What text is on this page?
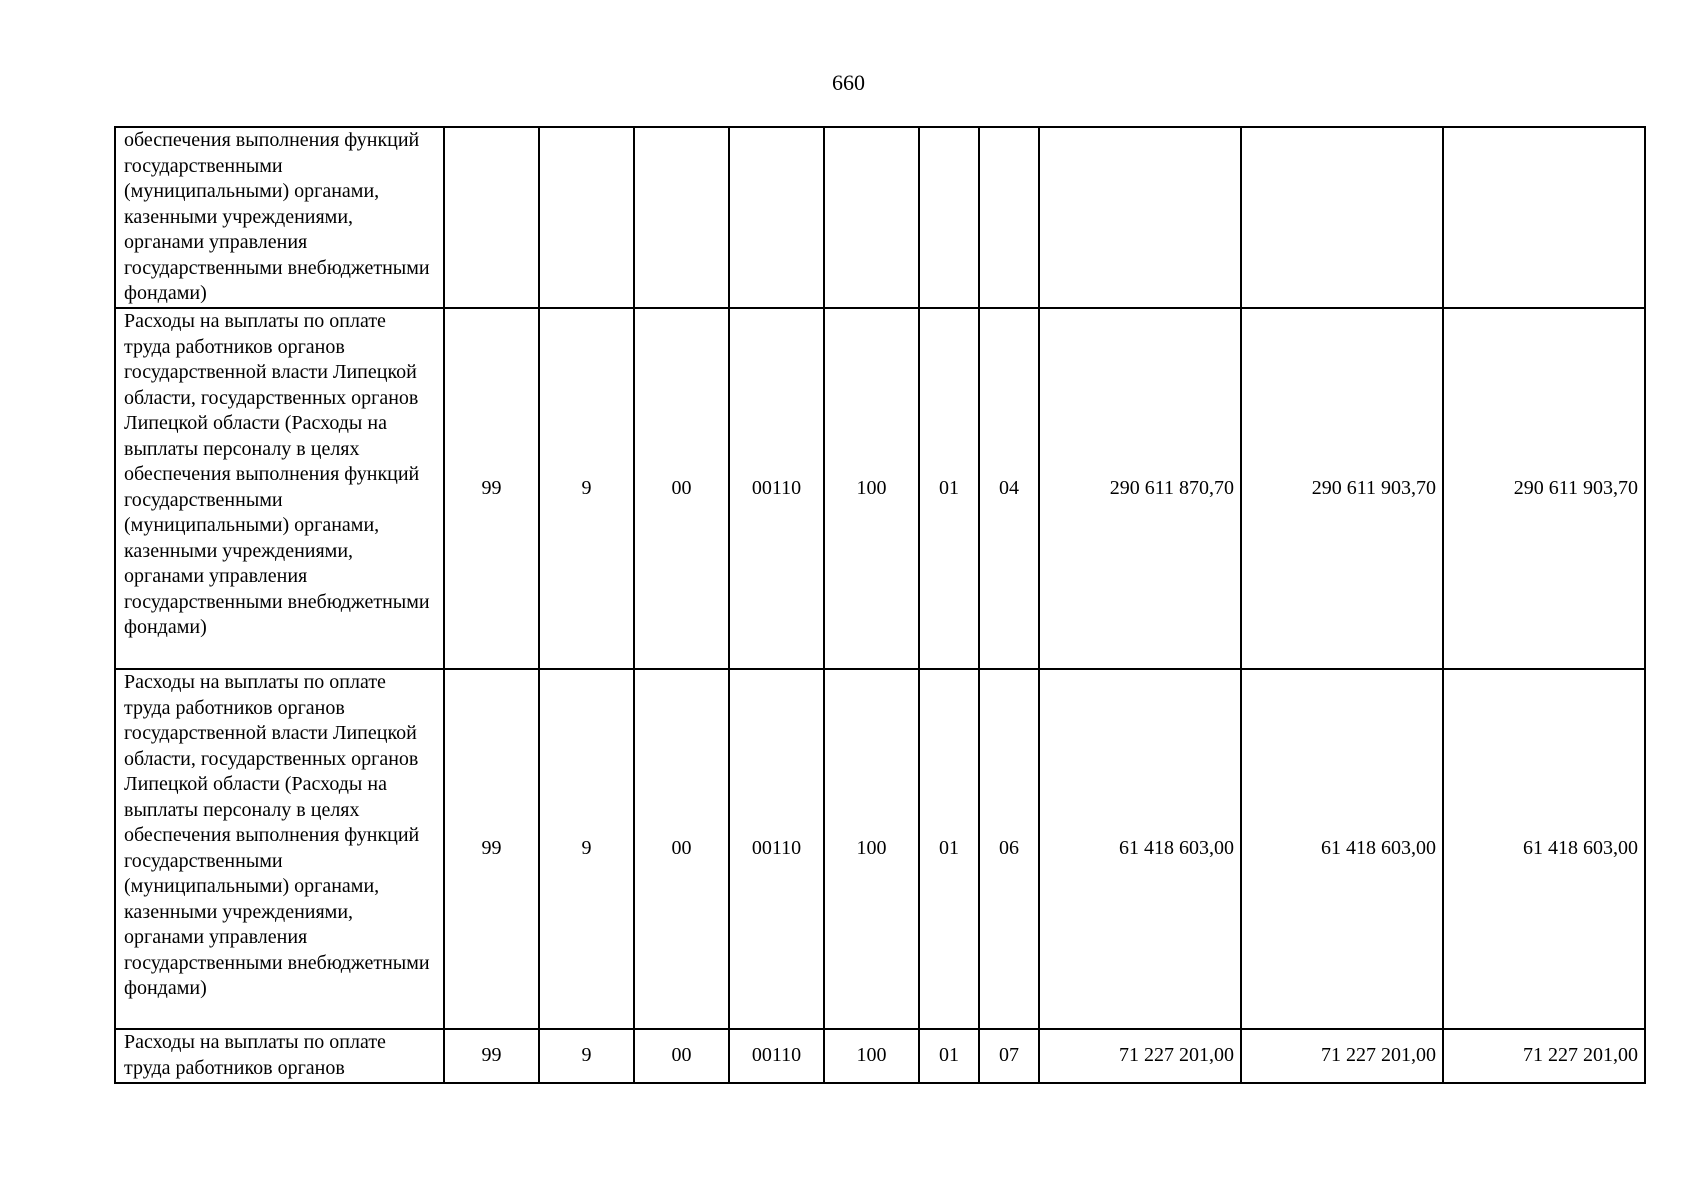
660
обеспечения выполнения функций государственными (муниципальными) органами, казенными учреждениями, органами управления государственными внебюджетными фондами)										
Расходы на выплаты по оплате труда работников органов государственной власти Липецкой области, государственных органов Липецкой области (Расходы на выплаты персоналу в целях обеспечения выполнения функций государственными (муниципальными) органами, казенными учреждениями, органами управления государственными внебюджетными фондами)	99	9	00	00110	100	01	04	290 611 870,70	290 611 903,70	290 611 903,70
Расходы на выплаты по оплате труда работников органов государственной власти Липецкой области, государственных органов Липецкой области (Расходы на выплаты персоналу в целях обеспечения выполнения функций государственными (муниципальными) органами, казенными учреждениями, органами управления государственными внебюджетными фондами)	99	9	00	00110	100	01	06	61 418 603,00	61 418 603,00	61 418 603,00
Расходы на выплаты по оплате труда работников органов	99	9	00	00110	100	01	07	71 227 201,00	71 227 201,00	71 227 201,00
